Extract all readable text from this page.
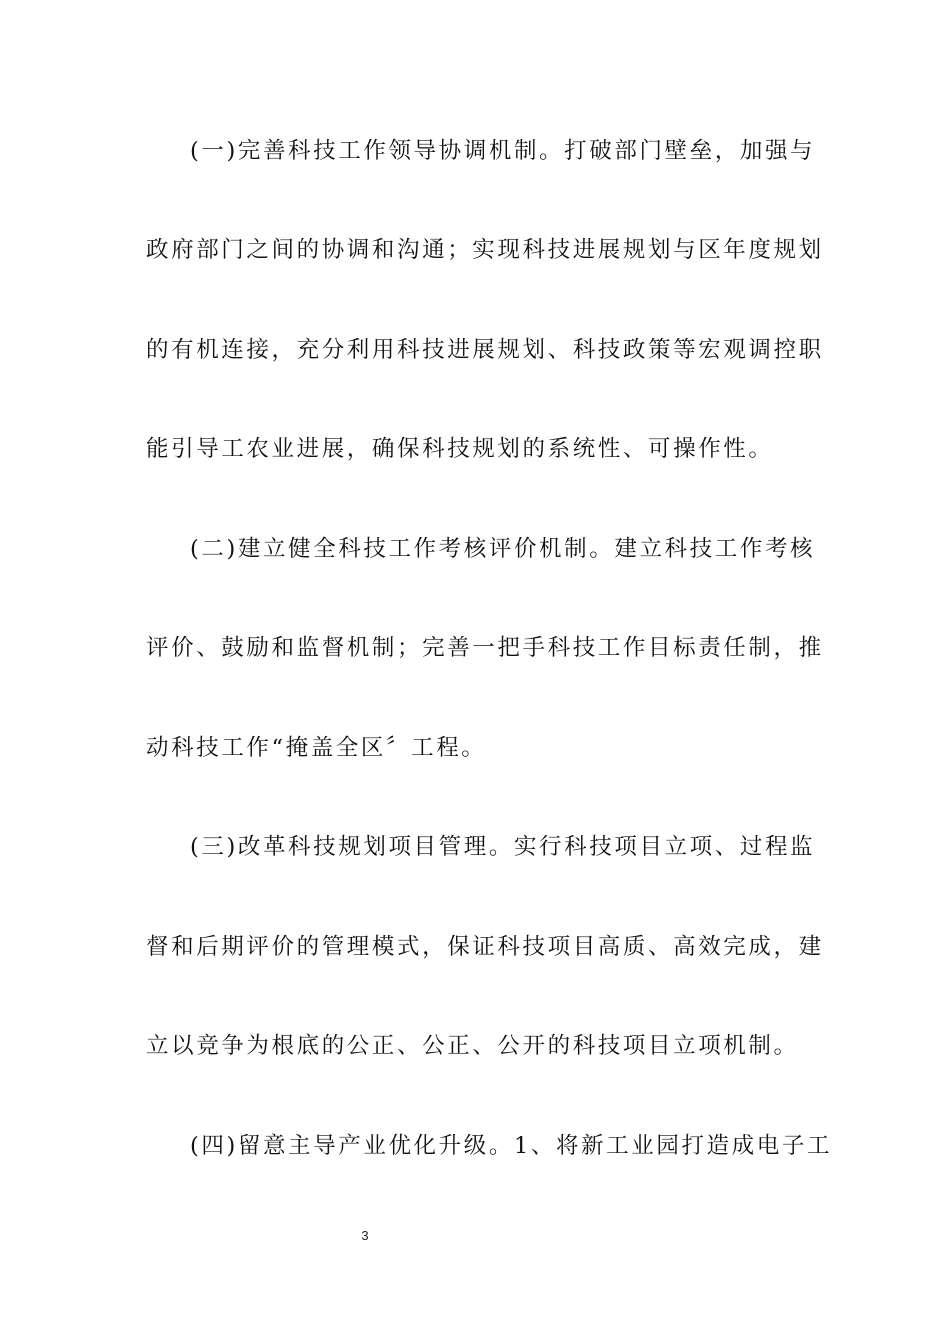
(一)完善科技工作领导协调机制。打破部门壁垒，加强与
政府部门之间的协调和沟通；实现科技进展规划与区年度规划
的有机连接，充分利用科技进展规划、科技政策等宏观调控职
能引导工农业进展，确保科技规划的系统性、可操作性。
(二)建立健全科技工作考核评价机制。建立科技工作考核
评价、鼓励和监督机制；完善一把手科技工作目标责任制，推
动科技工作“掩盖全区〞工程。
(三)改革科技规划项目管理。实行科技项目立项、过程监
督和后期评价的管理模式，保证科技项目高质、高效完成，建
立以竞争为根底的公正、公正、公开的科技项目立项机制。
(四)留意主导产业优化升级。1、将新工业园打造成电子工
3
